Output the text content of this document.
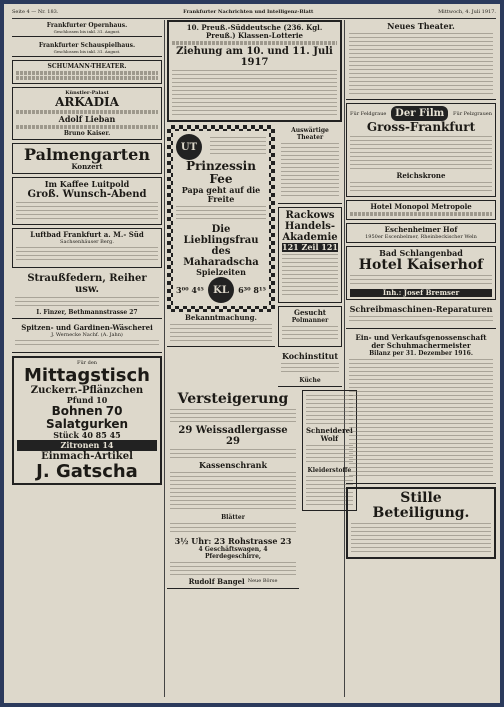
Seite 4 — Nr. 183.	Frankfurter Nachrichten und Intelligenz-Blatt	Mittwoch, 4. Juli 1917.
Frankfurter Opernhaus.
Geschlossen bis inkl. 31. August.
Frankfurter Schauspielhaus.
Geschlossen bis inkl. 31. August.
SCHUMANN-THEATER.
Künstler-Palast
ARKADIA
Adolf Lieban
Bruno Kaiser.
Palmengarten
Konzert
Im Kaffee Luitpold
Groß. Wunsch-Abend
Luftbad Frankfurt a. M.- Süd
Sachsenhäuser Berg.
Straußfedern, Reiher usw.
I. Finzer, Bethmannstrasse 27
Spitzen- und Gardinen-Wäscherei
J. Wernecke Nachf. (A. Jahn)
Für den
Mittagstisch
Zuckerr.-Pflänzchen
Pfund 10
Bohnen 70
Salatgurken
Stück 40 85 45
Zitronen 14
Einmach-Artikel
J. Gatscha
10. Preuß.-Süddeutsche (236. Kgl. Preuß.) Klassen-Lotterie
Ziehung am 10. und 11. Juli 1917
UT
Prinzessin Fee
Papa geht auf die Freite
Die Lieblingsfrau des Maharadscha
Spielzeiten
3⁰⁰ 4⁴⁵ KL	6³⁰ 8¹⁵
Bekanntmachung.
Auswärtige Theater
Rackows Handels-Akademie
121 Zeil 121
Gesucht
Polmanner
Kochinstitut
Küche
Versteigerung
29 Weissadlergasse 29
Kassenschrank
Blätter
3½ Uhr: 23 Rohstrasse 23
4 Geschäftswagen, 4 Pferdegeschirre,
Rudolf Bangel Neue Börse
Schneiderei Wolf
Kleiderstoffe
Neues Theater.
Für Feldgraue Der Film	Für Pelzgrauen
Gross-Frankfurt
Reichskrone
Hotel Monopol Metropole
Eschenheimer Hof
1950er Escenbelmer, Rheinbeckischer Weln
Bad Schlangenbad
Hotel Kaiserhof
Inh.: Josef Bremser
Schreibmaschinen-Reparaturen
Ein- und Verkaufsgenossenschaft der Schuhmachermeister
Bilanz per 31. Dezember 1916.
Stille Beteiligung.
